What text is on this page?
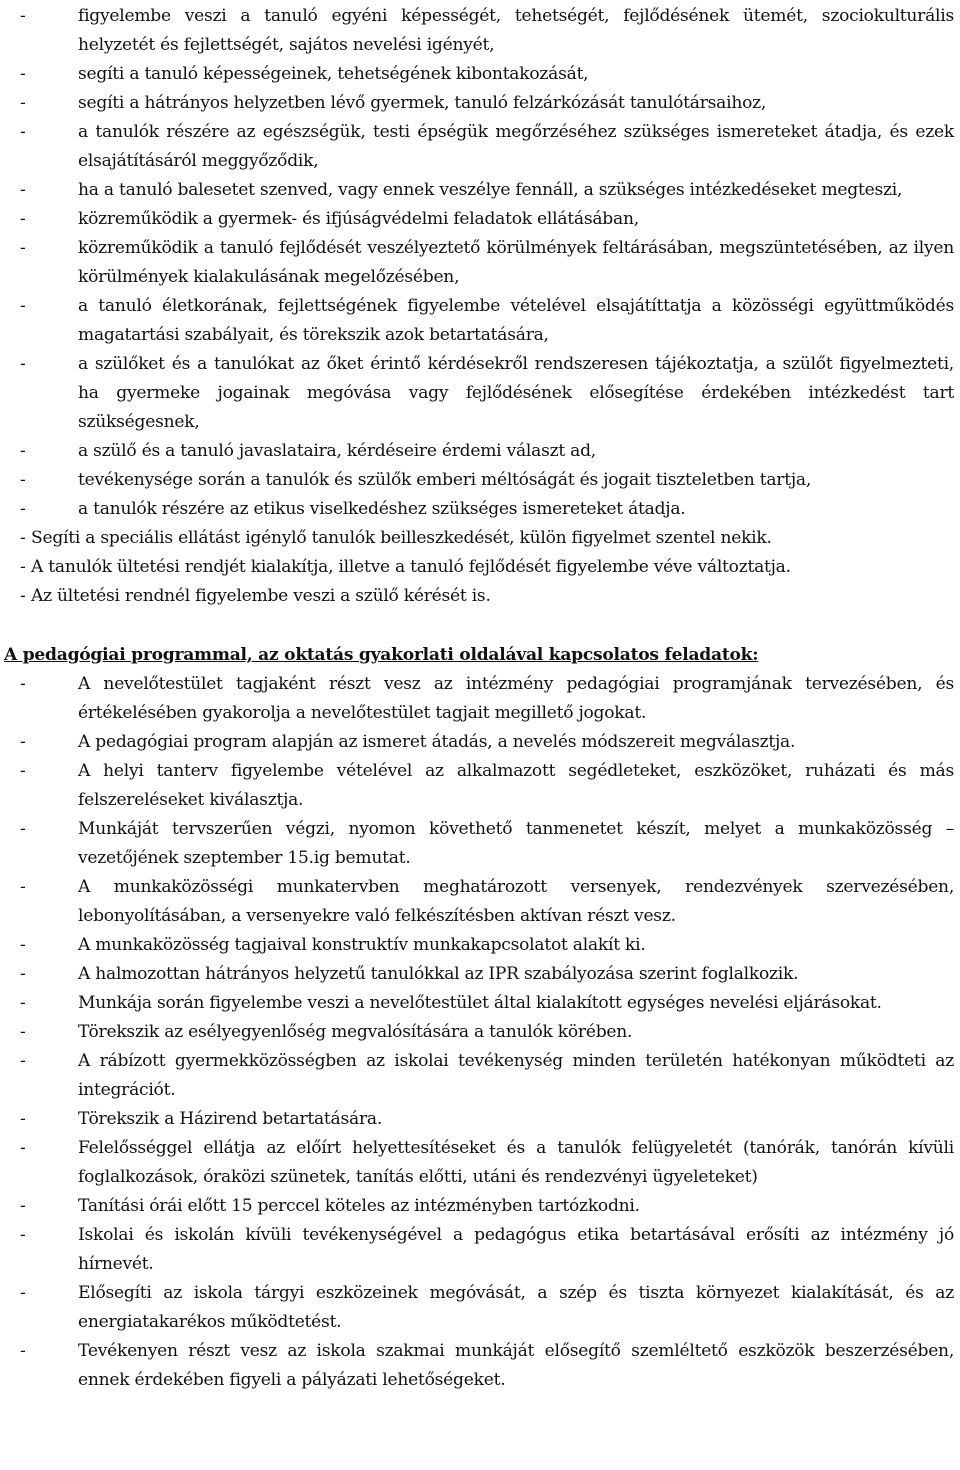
- figyelembe veszi a tanuló egyéni képességét, tehetségét, fejlődésének ütemét, szociokulturális helyzetét és fejlettségét, sajátos nevelési igényét,
- segíti a tanuló képességeinek, tehetségének kibontakozását,
- segíti a hátrányos helyzetben lévő gyermek, tanuló felzárkózását tanulótársaihoz,
- a tanulók részére az egészségük, testi épségük megőrzéséhez szükséges ismereteket átadja, és ezek elsajátításáról meggyőződik,
- ha a tanuló balesetet szenved, vagy ennek veszélye fennáll, a szükséges intézkedéseket megteszi,
- közreműködik a gyermek- és ifjúságvédelmi feladatok ellátásában,
- közreműködik a tanuló fejlődését veszélyeztető körülmények feltárásában, megszüntetésében, az ilyen körülmények kialakulásának megelőzésében,
- a tanuló életkorának, fejlettségének figyelembe vételével elsajátíttatja a közösségi együttműködés magatartási szabályait, és törekszik azok betartatására,
- a szülőket és a tanulókat az őket érintő kérdésekről rendszeresen tájékoztatja, a szülőt figyelmezteti, ha gyermeke jogainak megóvása vagy fejlődésének elősegítése érdekében intézkedést tart szükségesnek,
- a szülő és a tanuló javaslataira, kérdéseire érdemi választ ad,
- tevékenysége során a tanulók és szülők emberi méltóságát és jogait tiszteletben tartja,
- a tanulók részére az etikus viselkedéshez szükséges ismereteket átadja.
- Segíti a speciális ellátást igénylő tanulók beilleszkedését, külön figyelmet szentel nekik.
- A tanulók ültetési rendjét kialakítja, illetve a tanuló fejlődését figyelembe véve változtatja.
- Az ültetési rendnél figyelembe veszi a szülő kérését is.
A pedagógiai programmal, az oktatás gyakorlati oldalával kapcsolatos feladatok:
- A nevelőtestület tagjaként részt vesz az intézmény pedagógiai programjának tervezésében, és értékelésében gyakorolja a nevelőtestület tagjait megillető jogokat.
- A pedagógiai program alapján az ismeret átadás, a nevelés módszereit megválasztja.
- A helyi tanterv figyelembe vételével az alkalmazott segédleteket, eszközöket, ruházati és más felszereléseket kiválasztja.
- Munkáját tervszerűen végzi, nyomon követhető tanmenetet készít, melyet a munkaközösség – vezetőjének szeptember 15.ig bemutat.
- A munkaközösségi munkatervben meghatározott versenyek, rendezvények szervezésében, lebonyolításában, a versenyekre való felkészítésben aktívan részt vesz.
- A munkaközösség tagjaival konstruktív munkakapcsolatot alakít ki.
- A halmozottan hátrányos helyzetű tanulókkal az IPR szabályozása szerint foglalkozik.
- Munkája során figyelembe veszi a nevelőtestület által kialakított egységes nevelési eljárásokat.
- Törekszik az esélyegyenlőség megvalósítására a tanulók körében.
- A rábízott gyermekközösségben az iskolai tevékenység minden területén hatékonyan működteti az integrációt.
- Törekszik a Házirend betartatására.
- Felelősséggel ellátja az előírt helyettesítéseket és a tanulók felügyeletét (tanórák, tanórán kívüli foglalkozások, óraközi szünetek, tanítás előtti, utáni és rendezvényi ügyeleteket)
- Tanítási órái előtt 15 perccel köteles az intézményben tartózkodni.
- Iskolai és iskolán kívüli tevékenységével a pedagógus etika betartásával erősíti az intézmény jó hírnevét.
- Elősegíti az iskola tárgyi eszközeinek megóvását, a szép és tiszta környezet kialakítását, és az energiatakarékos működtetést.
- Tevékenyen részt vesz az iskola szakmai munkáját elősegítő szemléltető eszközök beszerzésében, ennek érdekében figyeli a pályázati lehetőségeket.
